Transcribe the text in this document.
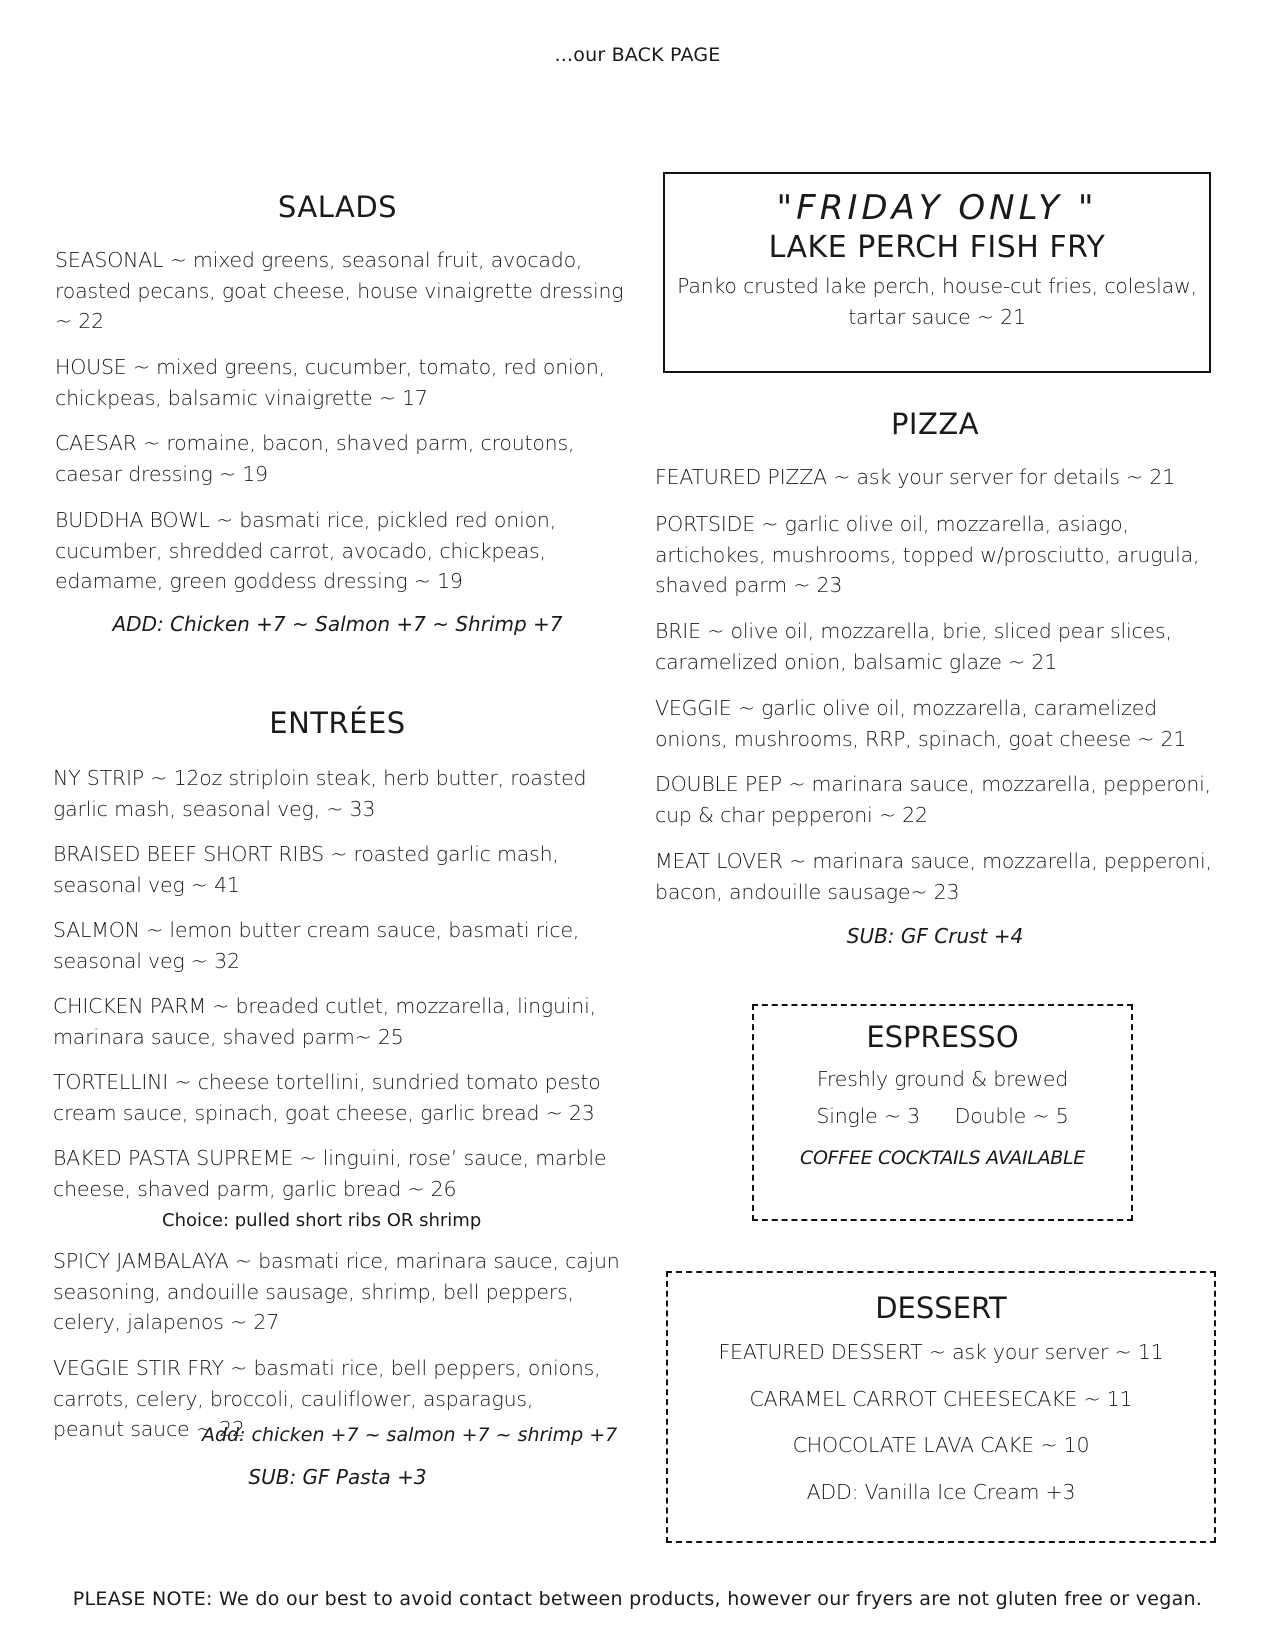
...our BACK PAGE
SALADS
SEASONAL ~ mixed greens, seasonal fruit, avocado, roasted pecans, goat cheese, house vinaigrette dressing ~ 22
HOUSE ~ mixed greens, cucumber, tomato, red onion, chickpeas, balsamic vinaigrette ~ 17
CAESAR ~ romaine, bacon, shaved parm, croutons, caesar dressing ~ 19
BUDDHA BOWL ~ basmati rice, pickled red onion, cucumber, shredded carrot, avocado, chickpeas, edamame, green goddess dressing ~ 19
ADD: Chicken +7 ~ Salmon +7 ~ Shrimp +7
ENTRÉES
NY STRIP ~ 12oz striploin steak, herb butter, roasted garlic mash, seasonal veg, ~ 33
BRAISED BEEF SHORT RIBS ~ roasted garlic mash, seasonal veg ~ 41
SALMON ~ lemon butter cream sauce, basmati rice, seasonal veg ~ 32
CHICKEN PARM ~ breaded cutlet, mozzarella, linguini, marinara sauce, shaved parm~ 25
TORTELLINI ~ cheese tortellini, sundried tomato pesto cream sauce, spinach, goat cheese, garlic bread ~ 23
BAKED PASTA SUPREME ~ linguini, rose’ sauce, marble cheese, shaved parm, garlic bread ~ 26
Choice: pulled short ribs OR shrimp
SPICY JAMBALAYA ~ basmati rice, marinara sauce, cajun seasoning, andouille sausage, shrimp, bell peppers, celery, jalapenos ~ 27
VEGGIE STIR FRY ~ basmati rice, bell peppers, onions, carrots, celery, broccoli, cauliflower, asparagus, peanut sauce ~ 22
Add: chicken +7 ~ salmon +7 ~ shrimp +7
SUB: GF Pasta +3
"FRIDAY ONLY "
LAKE PERCH FISH FRY
Panko crusted lake perch, house-cut fries, coleslaw,
tartar sauce ~ 21
PIZZA
FEATURED PIZZA ~ ask your server for details ~ 21
PORTSIDE ~ garlic olive oil, mozzarella, asiago, artichokes, mushrooms, topped w/prosciutto, arugula, shaved parm ~ 23
BRIE ~ olive oil, mozzarella, brie, sliced pear slices, caramelized onion, balsamic glaze ~ 21
VEGGIE ~ garlic olive oil, mozzarella, caramelized onions, mushrooms, RRP, spinach, goat cheese ~ 21
DOUBLE PEP ~ marinara sauce, mozzarella, pepperoni, cup & char pepperoni ~ 22
MEAT LOVER ~ marinara sauce, mozzarella, pepperoni, bacon, andouille sausage~ 23
SUB: GF Crust +4
ESPRESSO
Freshly ground & brewed
Single ~ 3 Double ~ 5
COFFEE COCKTAILS AVAILABLE
DESSERT
FEATURED DESSERT ~ ask your server ~ 11
CARAMEL CARROT CHEESECAKE ~ 11
CHOCOLATE LAVA CAKE ~ 10
ADD: Vanilla Ice Cream +3
PLEASE NOTE: We do our best to avoid contact between products, however our fryers are not gluten free or vegan.
